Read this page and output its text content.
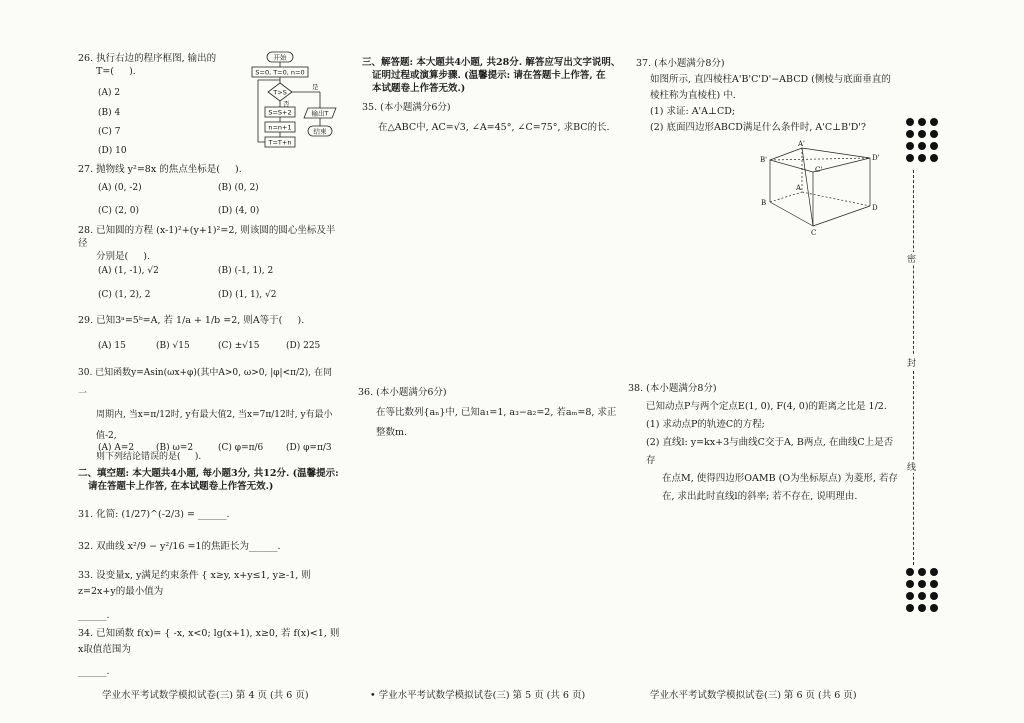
26. 执行右边的程序框图, 输出的
T=(     ).
(A) 2
(B) 4
(C) 7
(D) 10
27. 抛物线 y²=8x 的焦点坐标是(     ).
(A) (0, -2)	(B) (0, 2)
(C) (2, 0)	(D) (4, 0)
28. 已知圆的方程 (x-1)²+(y+1)²=2, 则该圆的圆心坐标及半径
分别是(     ).
(A) (1, -1), √2	(B) (-1, 1), 2
(C) (1, 2), 2	(D) (1, 1), √2
29. 已知3ᵃ=5ᵇ=A, 若 1/a + 1/b =2, 则A等于(     ).
(A) 15	(B) √15	(C) ±√15	(D) 225
30. 已知函数y=Asin(ωx+φ)(其中A>0, ω>0, |φ|<π/2), 在同一
周期内, 当x=π/12时, y有最大值2, 当x=7π/12时, y有最小值-2,
则下列结论错误的是(     ).
(A) A=2 (B) ω=2	(C) φ=π/6	(D) φ=π/3
二、填空题: 本大题共4小题, 每小题3分, 共12分. (温馨提示:
请在答题卡上作答, 在本试题卷上作答无效.)
31. 化简: (1/27)^(-2/3) = ______.
32. 双曲线 x²/9 − y²/16 =1的焦距长为______.
33. 设变量x, y满足约束条件 { x≥y, x+y≤1, y≥-1, 则z=2x+y的最小值为
______.
34. 已知函数 f(x)= { -x, x<0; lg(x+1), x≥0, 若 f(x)<1, 则x取值范围为
______.
学业水平考试数学模拟试卷(三) 第 4 页 (共 6 页)
开始
S=0, T=0, n=0
T>S
是
输出T
结束
否
S=S+2
n=n+1
T=T+n
三、解答题: 本大题共4小题, 共28分. 解答应写出文字说明、
证明过程或演算步骤. (温馨提示: 请在答题卡上作答, 在
本试题卷上作答无效.)
35. (本小题满分6分)
在△ABC中, AC=√3, ∠A=45°, ∠C=75°, 求BC的长.
36. (本小题满分6分)
在等比数列{aₙ}中, 已知a₁=1, a₃−a₂=2, 若aₘ=8, 求正整数m.
• 学业水平考试数学模拟试卷(三) 第 5 页 (共 6 页)
37. (本小题满分8分)
如图所示, 直四棱柱A'B'C'D'−ABCD (侧棱与底面垂直的
棱柱称为直棱柱) 中.
(1) 求证: A'A⊥CD;
(2) 底面四边形ABCD满足什么条件时, A'C⊥B'D'?
38. (本小题满分8分)
已知动点P与两个定点E(1, 0), F(4, 0)的距离之比是 1/2.
(1) 求动点P的轨迹C的方程;
(2) 直线l: y=kx+3与曲线C交于A, B两点, 在曲线C上是否存
在点M, 使得四边形OAMB (O为坐标原点) 为菱形, 若存
在, 求出此时直线l的斜率; 若不存在, 说明理由.
学业水平考试数学模拟试卷(三) 第 6 页 (共 6 页)
A'
B'
C'
D'
A
B
C
D
密
封
线
